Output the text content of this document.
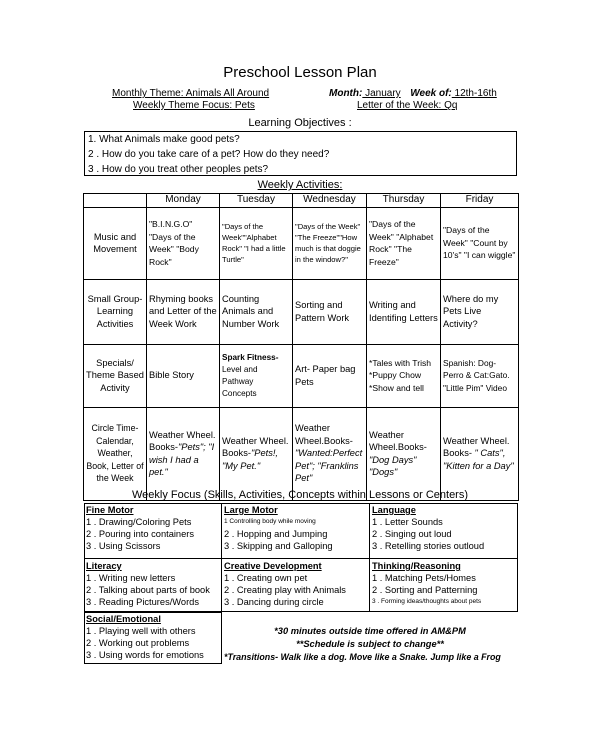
Preschool Lesson Plan
Monthly Theme: Animals All Around
Weekly Theme Focus: Pets
Month: January Week of: 12th-16th
Letter of the Week: Qq
Learning Objectives :
1. What Animals make good pets?
2 . How do you take care of a pet? How do they need?
3 . How do you treat other peoples pets?
Weekly Activities:
	Monday	Tuesday	Wednesday	Thursday	Friday
Music and Movement	"B.I.N.G.O" "Days of the Week" "Body Rock"	"Days of the Week""Alphabet Rock" "I had a little Turtle"	"Days of the Week" "The Freeze""How much is that doggie in the window?"	"Days of the Week" "Alphabet Rock" "The Freeze"	"Days of the Week" "Count by 10's" "I can wiggle"
Small Group-Learning Activities	Rhyming books and Letter of the Week Work	Counting Animals and Number Work	Sorting and Pattern Work	Writing and Identifing Letters	Where do my Pets Live Activity?
Specials/ Theme Based Activity	Bible Story	Spark Fitness-
Level and Pathway Concepts	Art- Paper bag Pets	*Tales with Trish *Puppy Chow *Show and tell	Spanish: Dog-Perro & Cat:Gato. "Little Pim" Video
Circle Time-Calendar, Weather, Book, Letter of the Week	Weather Wheel. Books-"Pets"; "I wish I had a pet."	Weather Wheel. Books-"Pets!, "My Pet."	Weather Wheel.Books-"Wanted:Perfect Pet"; "Franklins Pet"	Weather Wheel.Books-"Dog Days" "Dogs"	Weather Wheel. Books- " Cats", "Kitten for a Day"
Weekly Focus (Skills, Activities, Concepts within Lessons or Centers)
Fine Motor
1 . Drawing/Coloring Pets
2 . Pouring into containers
3 . Using Scissors
Large Motor
1 Controlling body while moving
2 . Hopping and Jumping
3 . Skipping and Galloping
Language
1 . Letter Sounds
2 . Singing out loud
3 . Retelling stories outloud
Literacy
1 . Writing new letters
2 . Talking about parts of book
3 . Reading Pictures/Words
Creative Development
1 . Creating own pet
2 . Creating play with Animals
3 . Dancing during circle
Thinking/Reasoning
1 . Matching Pets/Homes
2 . Sorting and Patterning
3 . Forming ideas/thoughts about pets
Social/Emotional
1 . Playing well with others
2 . Working out problems
3 . Using words for emotions
*30 minutes outside time offered in AM&PM
**Schedule is subject to change**
*Transitions- Walk like a dog. Move like a Snake. Jump like a Frog
